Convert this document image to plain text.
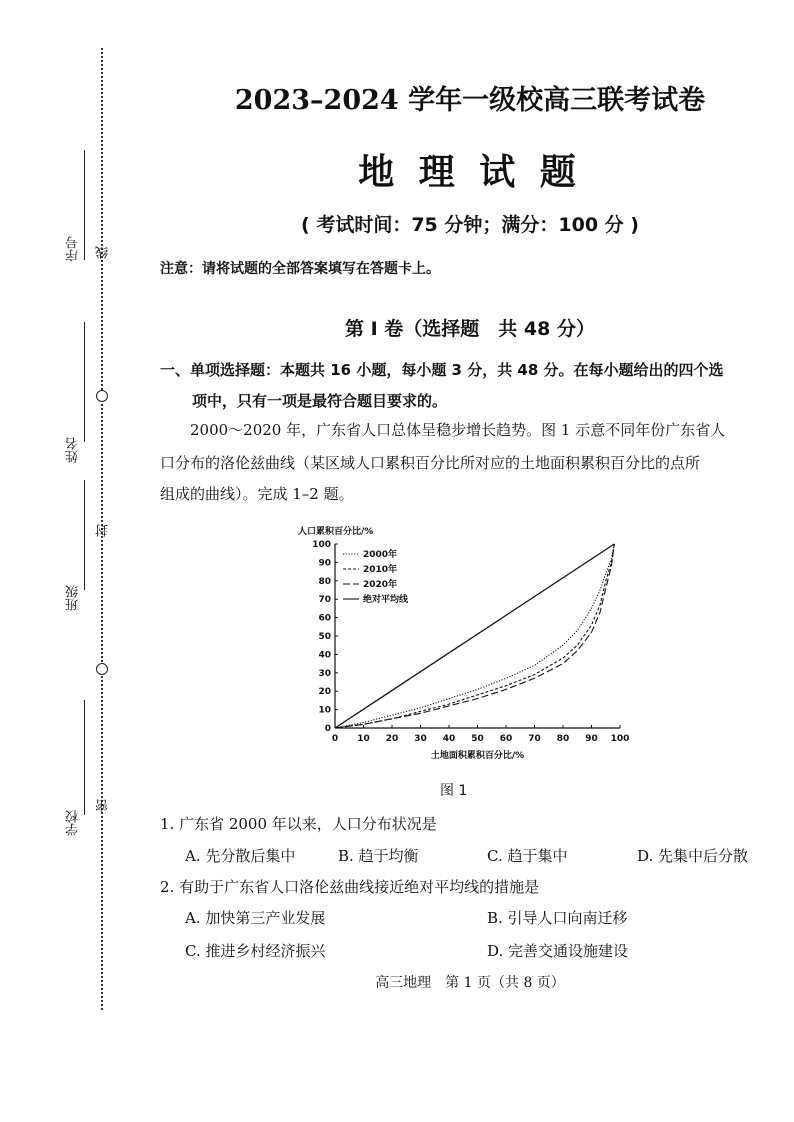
序号 线
姓名
封
班级
学校
密
2023–2024 学年一级校高三联考试卷
地 理 试 题
( 考试时间：75 分钟；满分：100 分 )
注意：请将试题的全部答案填写在答题卡上。
第 I 卷（选择题　共 48 分）
一、单项选择题：本题共 16 小题，每小题 3 分，共 48 分。在每小题给出的四个选
项中，只有一项是最符合题目要求的。
2000～2020 年，广东省人口总体呈稳步增长趋势。图 1 示意不同年份广东省人
口分布的洛伦兹曲线（某区域人口累积百分比所对应的土地面积累积百分比的点所
组成的曲线）。完成 1–2 题。
0 10 20 30 40 50 60 70 80 90 100
0
10
20
30
40
50
60
70
80
90
100
人口累积百分比/%
土地面积累积百分比/%
2000年
2010年
2020年
绝对平均线
图 1
1. 广东省 2000 年以来，人口分布状况是
A. 先分散后集中	B. 趋于均衡	C. 趋于集中	D. 先集中后分散
2. 有助于广东省人口洛伦兹曲线接近绝对平均线的措施是
A. 加快第三产业发展	B. 引导人口向南迁移
C. 推进乡村经济振兴	D. 完善交通设施建设
高三地理　第 1 页（共 8 页）
